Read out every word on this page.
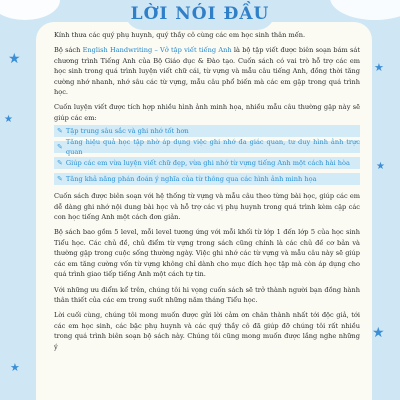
★
★
★
★
★
★
LỜI NÓI ĐẦU

Kính thưa các quý phụ huynh, quý thầy cô cùng các em học sinh thân mến.

Bộ sách English Handwriting – Vở tập viết tiếng Anh là bộ tập viết được biên soạn bám sát chương trình Tiếng Anh của Bộ Giáo dục & Đào tạo. Cuốn sách có vai trò hỗ trợ các em học sinh trong quá trình luyện viết chữ cái, từ vựng và mẫu câu tiếng Anh, đồng thời tăng cường nhớ nhanh, nhớ sâu các từ vựng, mẫu câu phổ biến mà các em gặp trong quá trình học.

Cuốn luyện viết được tích hợp nhiều hình ảnh minh họa, nhiều mẫu câu thường gặp này sẽ giúp các em:

✎ Tập trung sâu sắc và ghi nhớ tốt hơn
✎
Tăng hiệu quả học tập nhờ áp dụng việc ghi nhớ đa giác quan, tư duy hình ảnh trực quan
✎ Giúp các em vừa luyện viết chữ đẹp, vừa ghi nhớ từ vựng tiếng Anh một cách hài hòa
✎ Tăng khả năng phán đoán ý nghĩa của từ thông qua các hình ảnh minh họa

Cuốn sách được biên soạn với hệ thống từ vựng và mẫu câu theo từng bài học, giúp các em dễ dàng ghi nhớ nội dung bài học và hỗ trợ các vị phụ huynh trong quá trình kèm cặp các con học tiếng Anh một cách đơn giản.

Bộ sách bao gồm 5 level, mỗi level tương ứng với mỗi khối từ lớp 1 đến lớp 5 của học sinh Tiểu học. Các chủ đề, chủ điểm từ vựng trong sách cũng chính là các chủ đề cơ bản và thường gặp trong cuộc sống thường ngày. Việc ghi nhớ các từ vựng và mẫu câu này sẽ giúp các em tăng cường vốn từ vựng không chỉ dành cho mục đích học tập mà còn áp dụng cho quá trình giao tiếp tiếng Anh một cách tự tin.

Với những ưu điểm kể trên, chúng tôi hi vọng cuốn sách sẽ trở thành người bạn đồng hành thân thiết của các em trong suốt những năm tháng Tiểu học.

Lời cuối cùng, chúng tôi mong muốn được gửi lời cảm ơn chân thành nhất tới độc giả, tới các em học sinh, các bậc phụ huynh và các quý thầy cô đã giúp đỡ chúng tôi rất nhiều trong quá trình biên soạn bộ sách này. Chúng tôi cũng mong muốn được lắng nghe những ý
